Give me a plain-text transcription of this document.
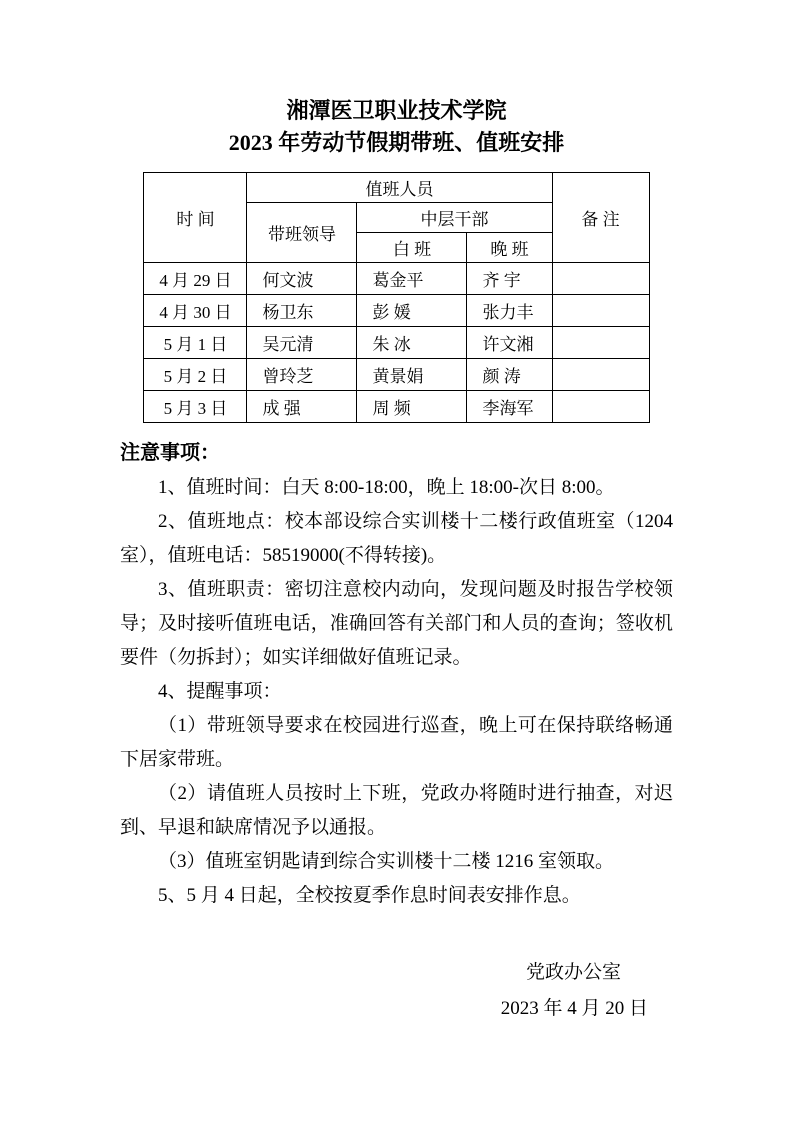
湘潭医卫职业技术学院

2023 年劳动节假期带班、值班安排

时 间	值班人员			备 注
	带班领导	中层干部		
		白 班	晚 班	
4 月 29 日	何文波	葛金平	齐 宇	
4 月 30 日	杨卫东	彭 媛	张力丰	
5 月 1 日	吴元清	朱 冰	许文湘	
5 月 2 日	曾玲芝	黄景娟	颜 涛	
5 月 3 日	成 强	周 频	李海军	

注意事项：

1、值班时间：白天 8:00-18:00，晚上 18:00-次日 8:00。

2、值班地点：校本部设综合实训楼十二楼行政值班室（1204 室），值班电话：58519000(不得转接)。

3、值班职责：密切注意校内动向，发现问题及时报告学校领导；及时接听值班电话，准确回答有关部门和人员的查询；签收机要件（勿拆封）；如实详细做好值班记录。

4、提醒事项：

（1）带班领导要求在校园进行巡查，晚上可在保持联络畅通下居家带班。

（2）请值班人员按时上下班，党政办将随时进行抽查，对迟到、早退和缺席情况予以通报。

（3）值班室钥匙请到综合实训楼十二楼 1216 室领取。

5、5 月 4 日起，全校按夏季作息时间表安排作息。

党政办公室

2023 年 4 月 20 日
